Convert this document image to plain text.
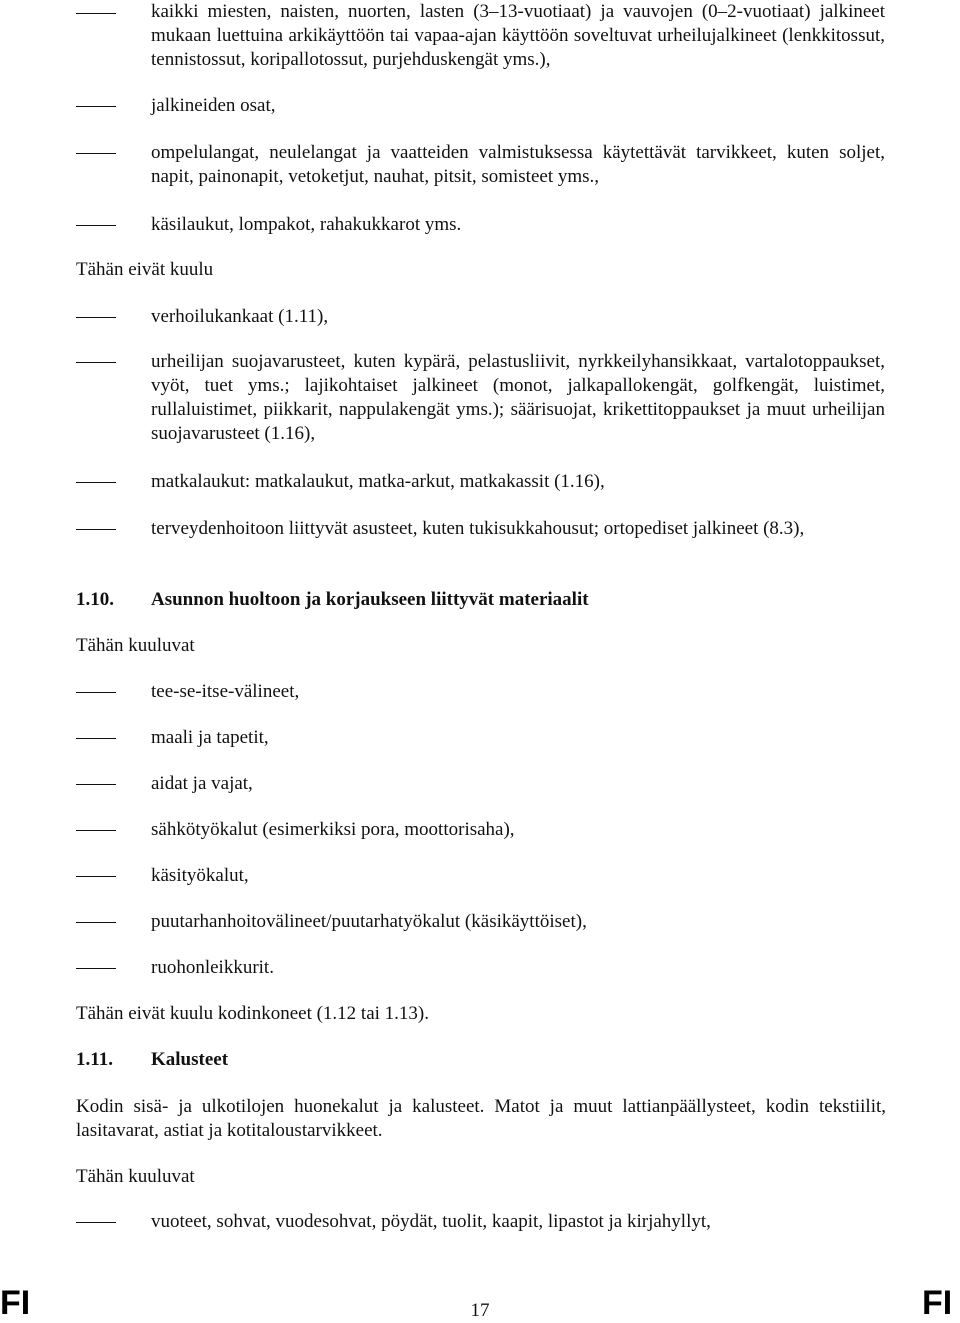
kaikki miesten, naisten, nuorten, lasten (3–13-vuotiaat) ja vauvojen (0–2-vuotiaat) jalkineet mukaan luettuina arkikäyttöön tai vapaa-ajan käyttöön soveltuvat urheilujalkineet (lenkkitossut, tennistossut, koripallotossut, purjehduskengät yms.),
jalkineiden osat,
ompelulangat, neulelangat ja vaatteiden valmistuksessa käytettävät tarvikkeet, kuten soljet, napit, painonapit, vetoketjut, nauhat, pitsit, somisteet yms.,
käsilaukut, lompakot, rahakukkarot yms.
Tähän eivät kuulu
verhoilukankaat (1.11),
urheilijan suojavarusteet, kuten kypärä, pelastusliivit, nyrkkeilyhansikkaat, vartalotoppaukset, vyöt, tuet yms.; lajikohtaiset jalkineet (monot, jalkapallokengät, golfkengät, luistimet, rullaluistimet, piikkarit, nappulakengät yms.); säärisuojat, krikettitoppaukset ja muut urheilijan suojavarusteet (1.16),
matkalaukut: matkalaukut, matka-arkut, matkakassit (1.16),
terveydenhoitoon liittyvät asusteet, kuten tukisukkahousut; ortopediset jalkineet (8.3),
1.10. Asunnon huoltoon ja korjaukseen liittyvät materiaalit
Tähän kuuluvat
tee-se-itse-välineet,
maali ja tapetit,
aidat ja vajat,
sähkötyökalut (esimerkiksi pora, moottorisaha),
käsityökalut,
puutarhanhoitovälineet/puutarhatyökalut (käsikäyttöiset),
ruohonleikkurit.
Tähän eivät kuulu kodinkoneet (1.12 tai 1.13).
1.11. Kalusteet
Kodin sisä- ja ulkotilojen huonekalut ja kalusteet. Matot ja muut lattianpäällysteet, kodin tekstiilit, lasitavarat, astiat ja kotitaloustarvikkeet.
Tähän kuuluvat
vuoteet, sohvat, vuodesohvat, pöydät, tuolit, kaapit, lipastot ja kirjahyllyt,
FI	17	FI
